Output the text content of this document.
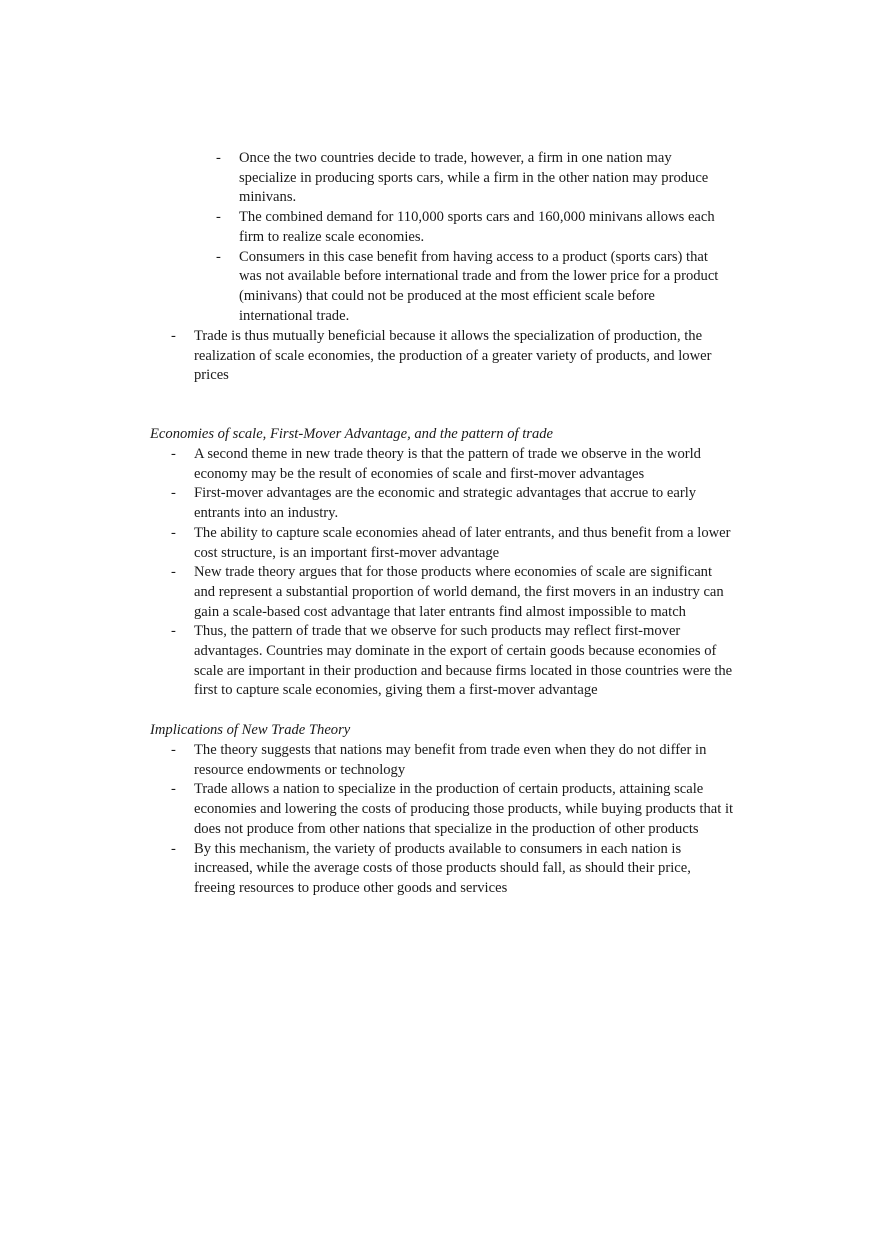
- Once the two countries decide to trade, however, a firm in one nation may specialize in producing sports cars, while a firm in the other nation may produce minivans.
- The combined demand for 110,000 sports cars and 160,000 minivans allows each firm to realize scale economies.
- Consumers in this case benefit from having access to a product (sports cars) that was not available before international trade and from the lower price for a product (minivans) that could not be produced at the most efficient scale before international trade.
- Trade is thus mutually beneficial because it allows the specialization of production, the realization of scale economies, the production of a greater variety of products, and lower prices
Economies of scale, First-Mover Advantage, and the pattern of trade
- A second theme in new trade theory is that the pattern of trade we observe in the world economy may be the result of economies of scale and first-mover advantages
- First-mover advantages are the economic and strategic advantages that accrue to early entrants into an industry.
- The ability to capture scale economies ahead of later entrants, and thus benefit from a lower cost structure, is an important first-mover advantage
- New trade theory argues that for those products where economies of scale are significant and represent a substantial proportion of world demand, the first movers in an industry can gain a scale-based cost advantage that later entrants find almost impossible to match
- Thus, the pattern of trade that we observe for such products may reflect first-mover advantages. Countries may dominate in the export of certain goods because economies of scale are important in their production and because firms located in those countries were the first to capture scale economies, giving them a first-mover advantage
Implications of New Trade Theory
- The theory suggests that nations may benefit from trade even when they do not differ in resource endowments or technology
- Trade allows a nation to specialize in the production of certain products, attaining scale economies and lowering the costs of producing those products, while buying products that it does not produce from other nations that specialize in the production of other products
- By this mechanism, the variety of products available to consumers in each nation is increased, while the average costs of those products should fall, as should their price, freeing resources to produce other goods and services
